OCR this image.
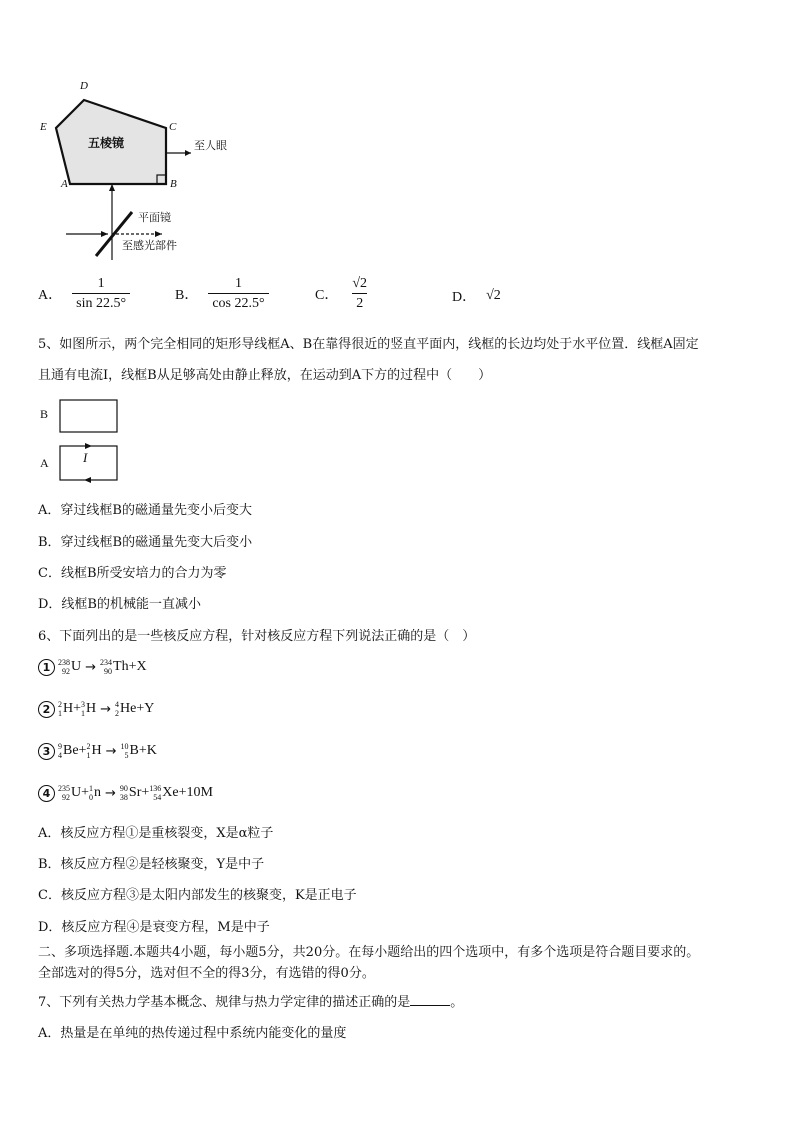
D
E	C
A	B
五棱镜	至人眼
平面镜
至感光部件
A． $\frac{1}{\sin 22.5^\circ}$	B． $\frac{1}{\cos 22.5^\circ}$	C． $\frac{√2}{2}$	D． √2
5、如图所示，两个完全相同的矩形导线框A、B在靠得很近的竖直平面内，线框的长边均处于水平位置．线框A固定
且通有电流I，线框B从足够高处由静止释放，在运动到A下方的过程中（　　）
B
A	I
A．穿过线框B的磁通量先变小后变大
B．穿过线框B的磁通量先变大后变小
C．线框B所受安培力的合力为零
D．线框B的机械能一直减小
6、下面列出的是一些核反应方程，针对核反应方程下列说法正确的是（　）
1 238
92 U → 234
90 Th+X
2 2
1 H+ 3
1 H → 4
2 He+Y
3 9
4 Be+ 2
1 H → 10
5 B+K
4 235
92 U+ 1
0 n → 90
38 Sr+ 136
54 Xe+10M
A．核反应方程①是重核裂变，X是α粒子
B．核反应方程②是轻核聚变，Y是中子
C．核反应方程③是太阳内部发生的核聚变，K是正电子
D．核反应方程④是衰变方程，M是中子
二、多项选择题.本题共4小题，每小题5分，共20分。在每小题给出的四个选项中，有多个选项是符合题目要求的。
全部选对的得5分，选对但不全的得3分，有选错的得0分。
7、下列有关热力学基本概念、规律与热力学定律的描述正确的是	。
A．热量是在单纯的热传递过程中系统内能变化的量度
